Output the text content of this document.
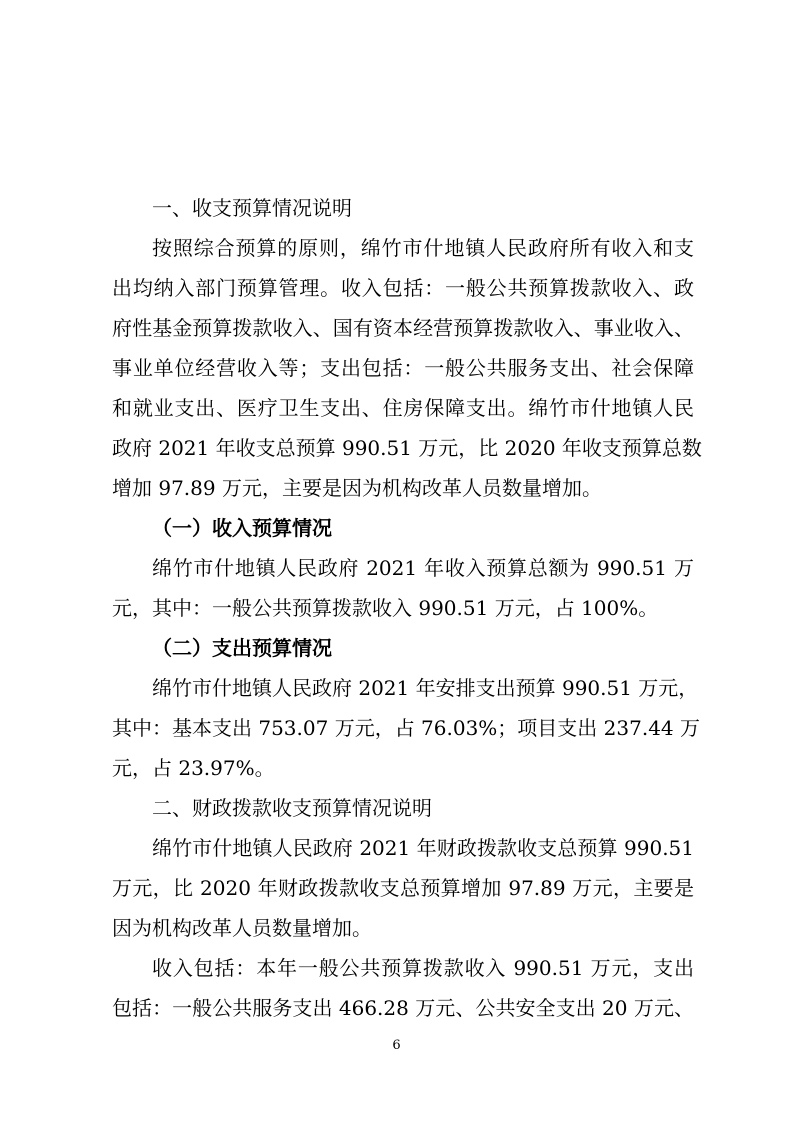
一、收支预算情况说明
按照综合预算的原则，绵竹市什地镇人民政府所有收入和支
出均纳入部门预算管理。收入包括：一般公共预算拨款收入、政
府性基金预算拨款收入、国有资本经营预算拨款收入、事业收入、
事业单位经营收入等；支出包括：一般公共服务支出、社会保障
和就业支出、医疗卫生支出、住房保障支出。绵竹市什地镇人民
政府 2021 年收支总预算 990.51 万元，比 2020 年收支预算总数
增加 97.89 万元，主要是因为机构改革人员数量增加。
（一）收入预算情况
绵竹市什地镇人民政府 2021 年收入预算总额为 990.51 万
元，其中：一般公共预算拨款收入 990.51 万元，占 100%。
（二）支出预算情况
绵竹市什地镇人民政府 2021 年安排支出预算 990.51 万元，
其中：基本支出 753.07 万元，占 76.03%；项目支出 237.44 万
元，占 23.97%。
二、财政拨款收支预算情况说明
绵竹市什地镇人民政府 2021 年财政拨款收支总预算 990.51
万元，比 2020 年财政拨款收支总预算增加 97.89 万元，主要是
因为机构改革人员数量增加。
收入包括：本年一般公共预算拨款收入 990.51 万元，支出
包括：一般公共服务支出 466.28 万元、公共安全支出 20 万元、
6
